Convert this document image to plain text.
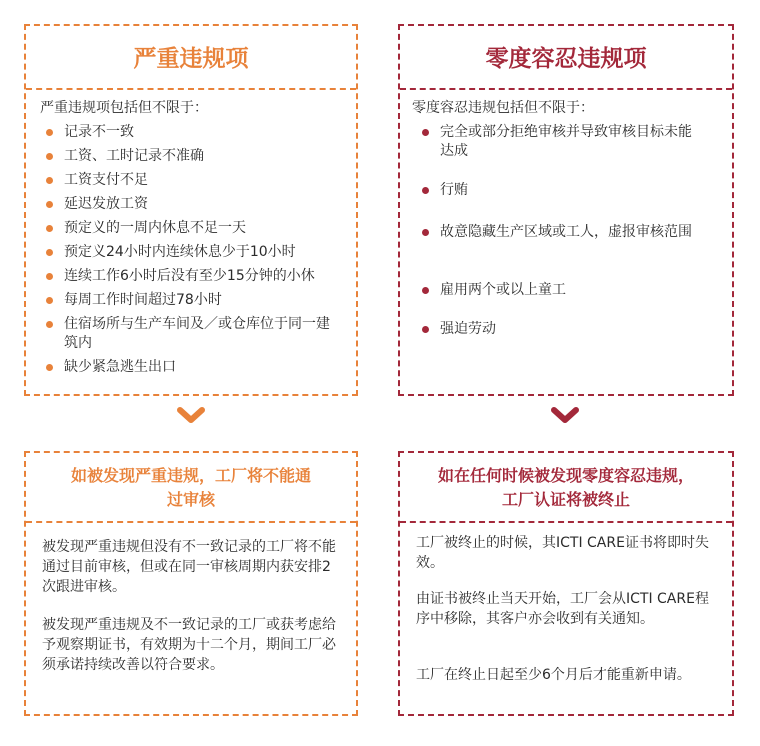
严重违规项
严重违规项包括但不限于：
记录不一致
工资、工时记录不准确
工资支付不足
延迟发放工资
预定义的一周内休息不足一天
预定义24小时内连续休息少于10小时
连续工作6小时后没有至少15分钟的小休
每周工作时间超过78小时
住宿场所与生产车间及／或仓库位于同一建筑内
缺少紧急逃生出口
零度容忍违规项
零度容忍违规包括但不限于：
完全或部分拒绝审核并导致审核目标未能达成
行贿
故意隐藏生产区域或工人，虚报审核范围
雇用两个或以上童工
强迫劳动
如被发现严重违规，工厂将不能通过审核

被发现严重违规但没有不一致记录的工厂将不能通过目前审核，但或在同一审核周期内获安排2次跟进审核。

被发现严重违规及不一致记录的工厂或获考虑给予观察期证书，有效期为十二个月，期间工厂必须承诺持续改善以符合要求。

如在任何时候被发现零度容忍违规，工厂认证将被终止

工厂被终止的时候，其ICTI CARE证书将即时失效。

由证书被终止当天开始，工厂会从ICTI CARE程序中移除，其客户亦会收到有关通知。

工厂在终止日起至少6个月后才能重新申请。
